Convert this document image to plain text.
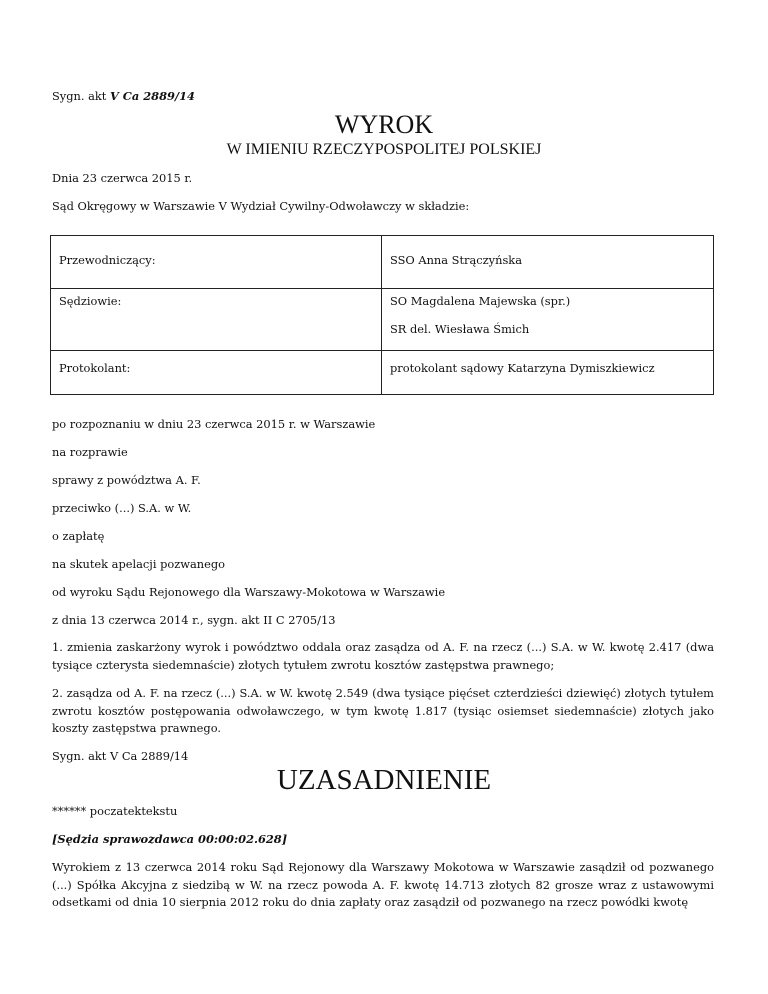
Sygn. akt V Ca 2889/14
WYROK
W IMIENIU RZECZYPOSPOLITEJ POLSKIEJ
Dnia 23 czerwca 2015 r.
Sąd Okręgowy w Warszawie V Wydział Cywilny-Odwoławczy w składzie:
Przewodniczący:	SSO Anna Strączyńska
Sędziowie:	SO Magdalena Majewska (spr.)
SR del. Wiesława Śmich

Protokolant:	protokolant sądowy Katarzyna Dymiszkiewicz
po rozpoznaniu w dniu 23 czerwca 2015 r. w Warszawie
na rozprawie
sprawy z powództwa A. F.
przeciwko (...) S.A. w W.
o zapłatę
na skutek apelacji pozwanego
od wyroku Sądu Rejonowego dla Warszawy-Mokotowa w Warszawie
z dnia 13 czerwca 2014 r., sygn. akt II C 2705/13
1. zmienia zaskarżony wyrok i powództwo oddala oraz zasądza od A. F. na rzecz (...) S.A. w W. kwotę 2.417 (dwa tysiące czterysta siedemnaście) złotych tytułem zwrotu kosztów zastępstwa prawnego;
2. zasądza od A. F. na rzecz (...) S.A. w W. kwotę 2.549 (dwa tysiące pięćset czterdzieści dziewięć) złotych tytułem zwrotu kosztów postępowania odwoławczego, w tym kwotę 1.817 (tysiąc osiemset siedemnaście) złotych jako koszty zastępstwa prawnego.
Sygn. akt V Ca 2889/14
UZASADNIENIE
****** poczatektekstu
[Sędzia sprawozdawca 00:00:02.628]
Wyrokiem z 13 czerwca 2014 roku Sąd Rejonowy dla Warszawy Mokotowa w Warszawie zasądził od pozwanego (...) Spółka Akcyjna z siedzibą w W. na rzecz powoda A. F. kwotę 14.713 złotych 82 grosze wraz z ustawowymi odsetkami od dnia 10 sierpnia 2012 roku do dnia zapłaty oraz zasądził od pozwanego na rzecz powódki kwotę
